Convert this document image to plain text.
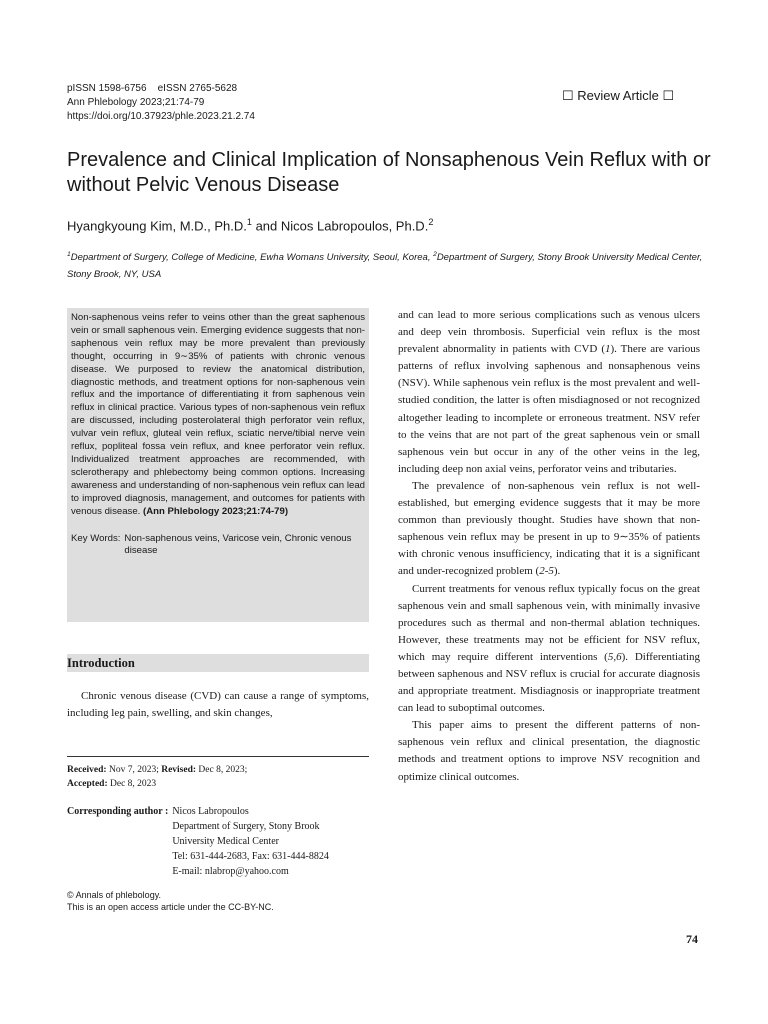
pISSN 1598-6756    eISSN 2765-5628
Ann Phlebology 2023;21:74-79
https://doi.org/10.37923/phle.2023.21.2.74
☐ Review Article ☐
Prevalence and Clinical Implication of Nonsaphenous Vein Reflux with or without Pelvic Venous Disease
Hyangkyoung Kim, M.D., Ph.D.$^1$ and Nicos Labropoulos, Ph.D.$^2$
$^1$Department of Surgery, College of Medicine, Ewha Womans University, Seoul, Korea, $^2$Department of Surgery, Stony Brook University Medical Center, Stony Brook, NY, USA
Non-saphenous veins refer to veins other than the great saphenous vein or small saphenous vein. Emerging evidence suggests that non-saphenous vein reflux may be more prevalent than previously thought, occurring in 9∼35% of patients with chronic venous disease. We purposed to review the anatomical distribution, diagnostic methods, and treatment options for non-saphenous vein reflux and the importance of differentiating it from saphenous vein reflux in clinical practice. Various types of non-saphenous vein reflux are discussed, including posterolateral thigh perforator vein reflux, vulvar vein reflux, gluteal vein reflux, sciatic nerve/tibial nerve vein reflux, popliteal fossa vein reflux, and knee perforator vein reflux. Individualized treatment approaches are recommended, with sclerotherapy and phlebectomy being common options. Increasing awareness and understanding of non-saphenous vein reflux can lead to improved diagnosis, management, and outcomes for patients with venous disease. (Ann Phlebology 2023;21:74-79)
Key Words: Non-saphenous veins, Varicose vein, Chronic venous disease
Introduction
Chronic venous disease (CVD) can cause a range of symptoms, including leg pain, swelling, and skin changes,
Received: Nov 7, 2023; Revised: Dec 8, 2023;
Accepted: Dec 8, 2023
Corresponding author : Nicos Labropoulos
Department of Surgery, Stony Brook
University Medical Center
Tel: 631-444-2683, Fax: 631-444-8824
E-mail: nlabrop@yahoo.com
© Annals of phlebology.
This is an open access article under the CC-BY-NC.

and can lead to more serious complications such as venous ulcers and deep vein thrombosis. Superficial vein reflux is the most prevalent abnormality in patients with CVD (1). There are various patterns of reflux involving saphenous and nonsaphenous veins (NSV). While saphenous vein reflux is the most prevalent and well-studied condition, the latter is often misdiagnosed or not recognized altogether leading to incomplete or erroneous treatment. NSV refer to the veins that are not part of the great saphenous vein or small saphenous vein but occur in any of the other veins in the leg, including deep non axial veins, perforator veins and tributaries.

The prevalence of non-saphenous vein reflux is not well-established, but emerging evidence suggests that it may be more common than previously thought. Studies have shown that non-saphenous vein reflux may be present in up to 9∼35% of patients with chronic venous insufficiency, indicating that it is a significant and under-recognized problem (2-5).

Current treatments for venous reflux typically focus on the great saphenous vein and small saphenous vein, with minimally invasive procedures such as thermal and non-thermal ablation techniques. However, these treatments may not be efficient for NSV reflux, which may require different interventions (5,6). Differentiating between saphenous and NSV reflux is crucial for accurate diagnosis and appropriate treatment. Misdiagnosis or inappropriate treatment can lead to suboptimal outcomes.

This paper aims to present the different patterns of non-saphenous vein reflux and clinical presentation, the diagnostic methods and treatment options to improve NSV recognition and optimize clinical outcomes.

74
